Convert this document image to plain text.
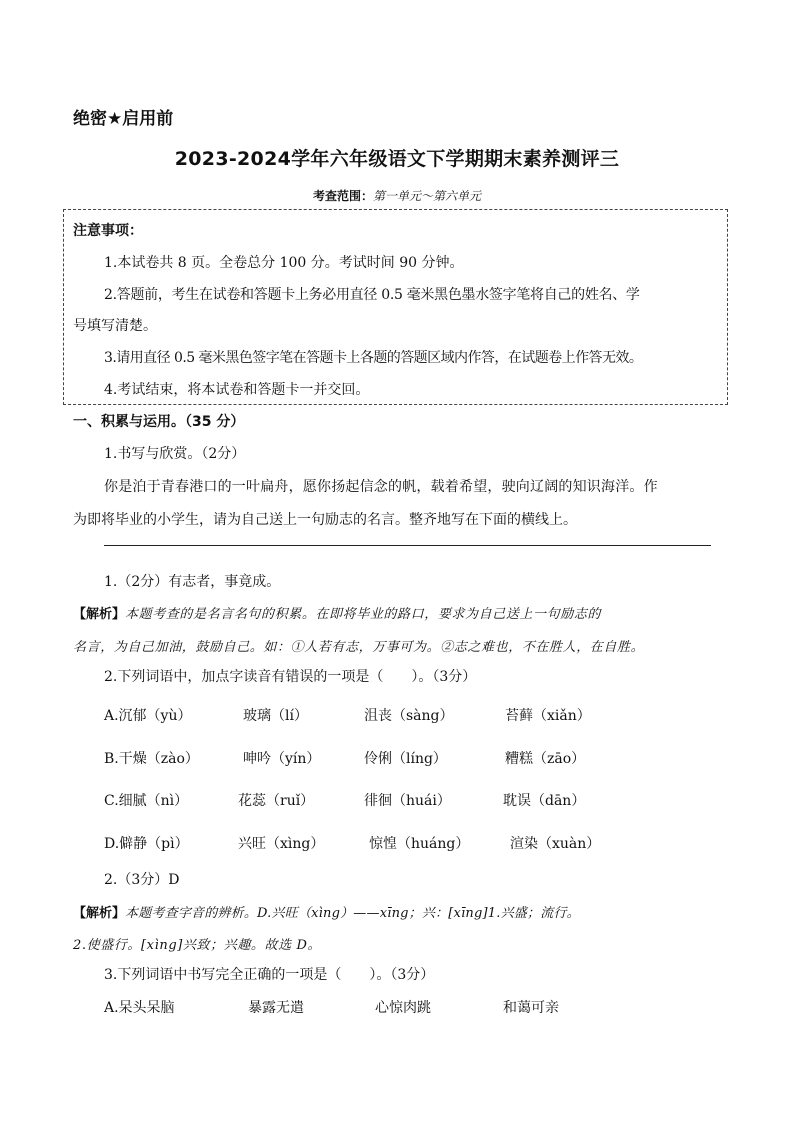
绝密★启用前
2023-2024学年六年级语文下学期期末素养测评三
考查范围：第一单元～第六单元
注意事项：
1.本试卷共 8 页。全卷总分 100 分。考试时间 90 分钟。
2.答题前，考生在试卷和答题卡上务必用直径 0.5 毫米黑色墨水签字笔将自己的姓名、学
号填写清楚。
3.请用直径 0.5 毫米黑色签字笔在答题卡上各题的答题区域内作答，在试题卷上作答无效。
4.考试结束，将本试卷和答题卡一并交回。
一、积累与运用。（35 分）
1.书写与欣赏。（2分）
你是泊于青春港口的一叶扁舟，愿你扬起信念的帆，载着希望，驶向辽阔的知识海洋。作
为即将毕业的小学生，请为自己送上一句励志的名言。整齐地写在下面的横线上。
1.（2分）有志者，事竟成。
【解析】本题考查的是名言名句的积累。在即将毕业的路口，要求为自己送上一句励志的
名言，为自己加油，鼓励自己。如：①人若有志，万事可为。②志之难也，不在胜人，在自胜。
2.下列词语中，加点字读音有错误的一项是（　　）。（3分）
A.沉郁（yù）	玻璃（lí）	沮丧（sàng）	苔藓（xiǎn）
B.干燥（zào）	呻吟（yín）	伶俐（líng）	糟糕（zāo）
C.细腻（nì）	花蕊（ruǐ）	徘徊（huái）	耽误（dān）
D.僻静（pì）	兴旺（xìng）	惊惶（huáng）	渲染（xuàn）
2.（3分）D
【解析】本题考查字音的辨析。D.兴旺（xìng）——xīng；兴：[xīng]1.兴盛；流行。
2.使盛行。[xìng]兴致；兴趣。故选 D。
3.下列词语中书写完全正确的一项是（　　）。（3分）
A.呆头呆脑	暴露无遣	心惊肉跳	和蔼可亲
